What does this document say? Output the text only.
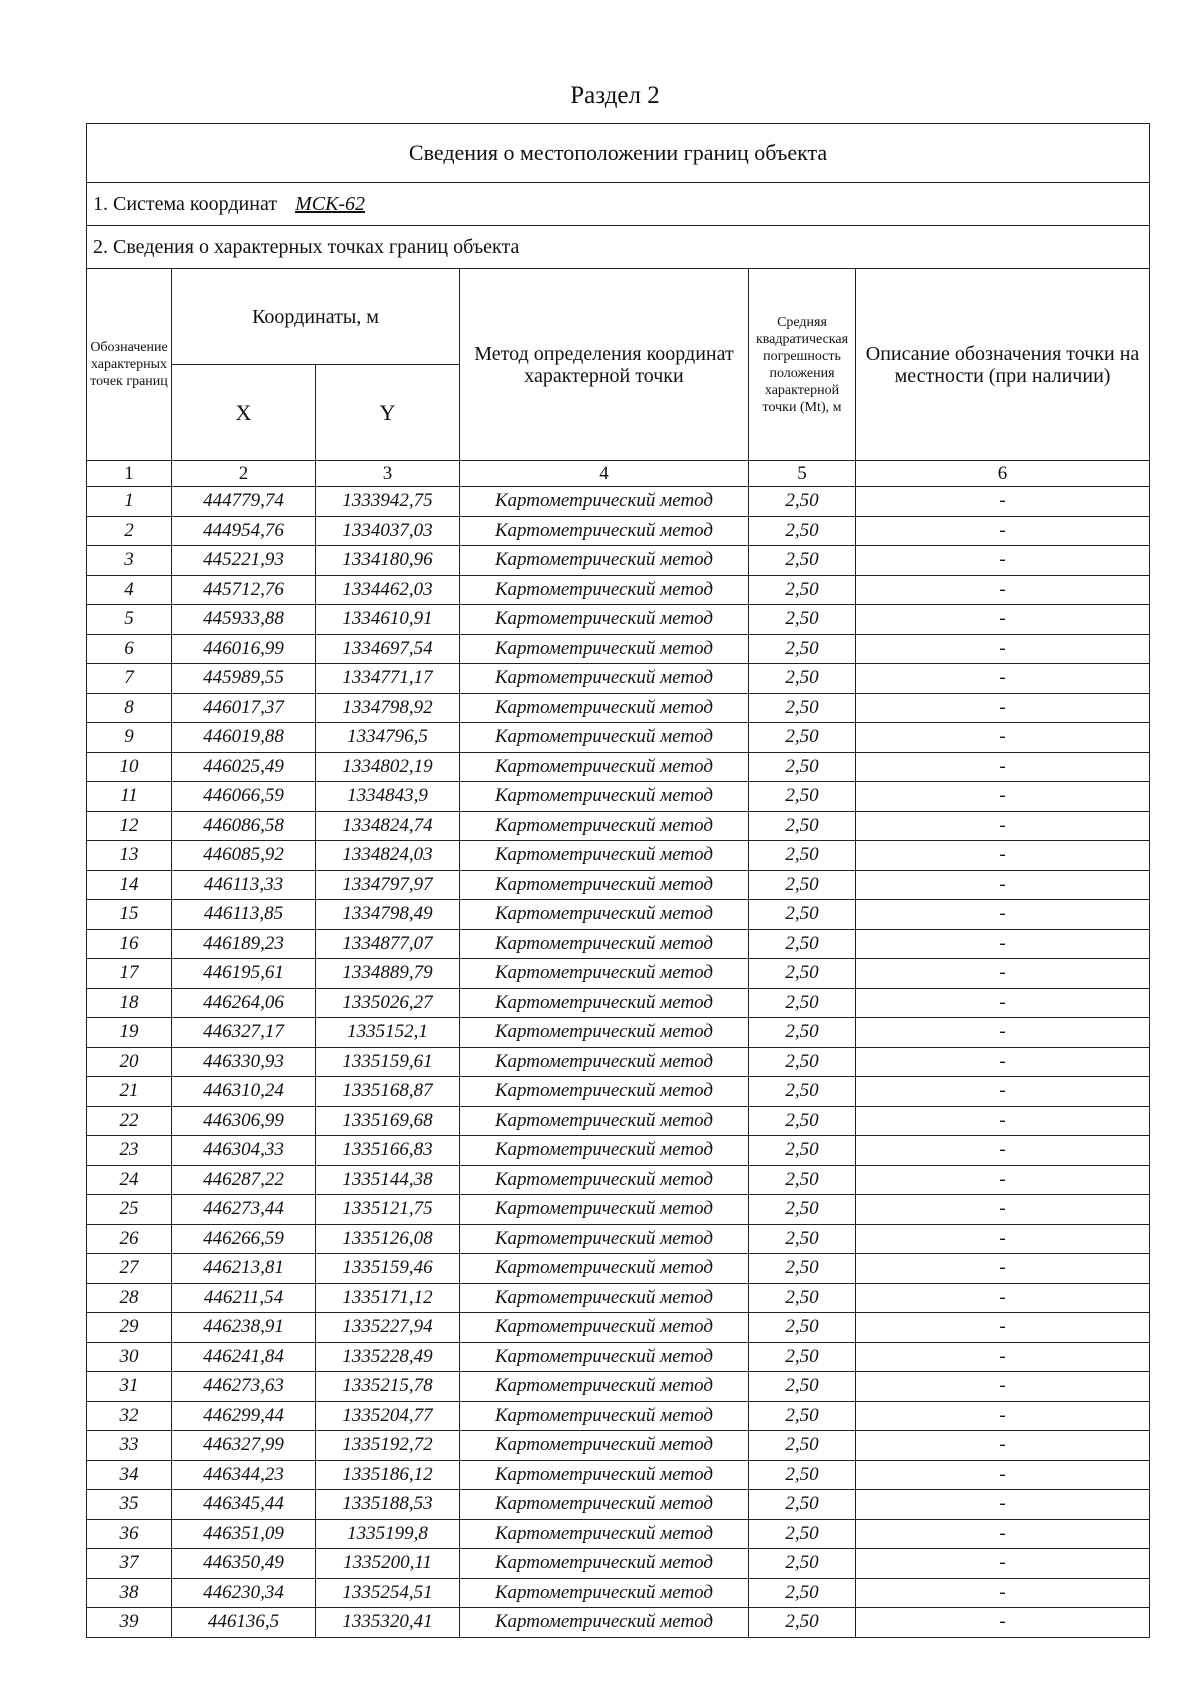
Раздел 2
Сведения о местоположении границ объекта					
1. Система координат МСК-62					
2. Сведения о характерных точках границ объекта					
Обозначение характерных точек границ	Координаты, м		Метод определения координат характерной точки	Средняя квадратическая погрешность положения характерной точки (Mt), м	Описание обозначения точки на местности (при наличии)
	X	Y			
1	2	3	4	5	6
1	444779,74	1333942,75	Картометрический метод	2,50	-
2	444954,76	1334037,03	Картометрический метод	2,50	-
3	445221,93	1334180,96	Картометрический метод	2,50	-
4	445712,76	1334462,03	Картометрический метод	2,50	-
5	445933,88	1334610,91	Картометрический метод	2,50	-
6	446016,99	1334697,54	Картометрический метод	2,50	-
7	445989,55	1334771,17	Картометрический метод	2,50	-
8	446017,37	1334798,92	Картометрический метод	2,50	-
9	446019,88	1334796,5	Картометрический метод	2,50	-
10	446025,49	1334802,19	Картометрический метод	2,50	-
11	446066,59	1334843,9	Картометрический метод	2,50	-
12	446086,58	1334824,74	Картометрический метод	2,50	-
13	446085,92	1334824,03	Картометрический метод	2,50	-
14	446113,33	1334797,97	Картометрический метод	2,50	-
15	446113,85	1334798,49	Картометрический метод	2,50	-
16	446189,23	1334877,07	Картометрический метод	2,50	-
17	446195,61	1334889,79	Картометрический метод	2,50	-
18	446264,06	1335026,27	Картометрический метод	2,50	-
19	446327,17	1335152,1	Картометрический метод	2,50	-
20	446330,93	1335159,61	Картометрический метод	2,50	-
21	446310,24	1335168,87	Картометрический метод	2,50	-
22	446306,99	1335169,68	Картометрический метод	2,50	-
23	446304,33	1335166,83	Картометрический метод	2,50	-
24	446287,22	1335144,38	Картометрический метод	2,50	-
25	446273,44	1335121,75	Картометрический метод	2,50	-
26	446266,59	1335126,08	Картометрический метод	2,50	-
27	446213,81	1335159,46	Картометрический метод	2,50	-
28	446211,54	1335171,12	Картометрический метод	2,50	-
29	446238,91	1335227,94	Картометрический метод	2,50	-
30	446241,84	1335228,49	Картометрический метод	2,50	-
31	446273,63	1335215,78	Картометрический метод	2,50	-
32	446299,44	1335204,77	Картометрический метод	2,50	-
33	446327,99	1335192,72	Картометрический метод	2,50	-
34	446344,23	1335186,12	Картометрический метод	2,50	-
35	446345,44	1335188,53	Картометрический метод	2,50	-
36	446351,09	1335199,8	Картометрический метод	2,50	-
37	446350,49	1335200,11	Картометрический метод	2,50	-
38	446230,34	1335254,51	Картометрический метод	2,50	-
39	446136,5	1335320,41	Картометрический метод	2,50	-
